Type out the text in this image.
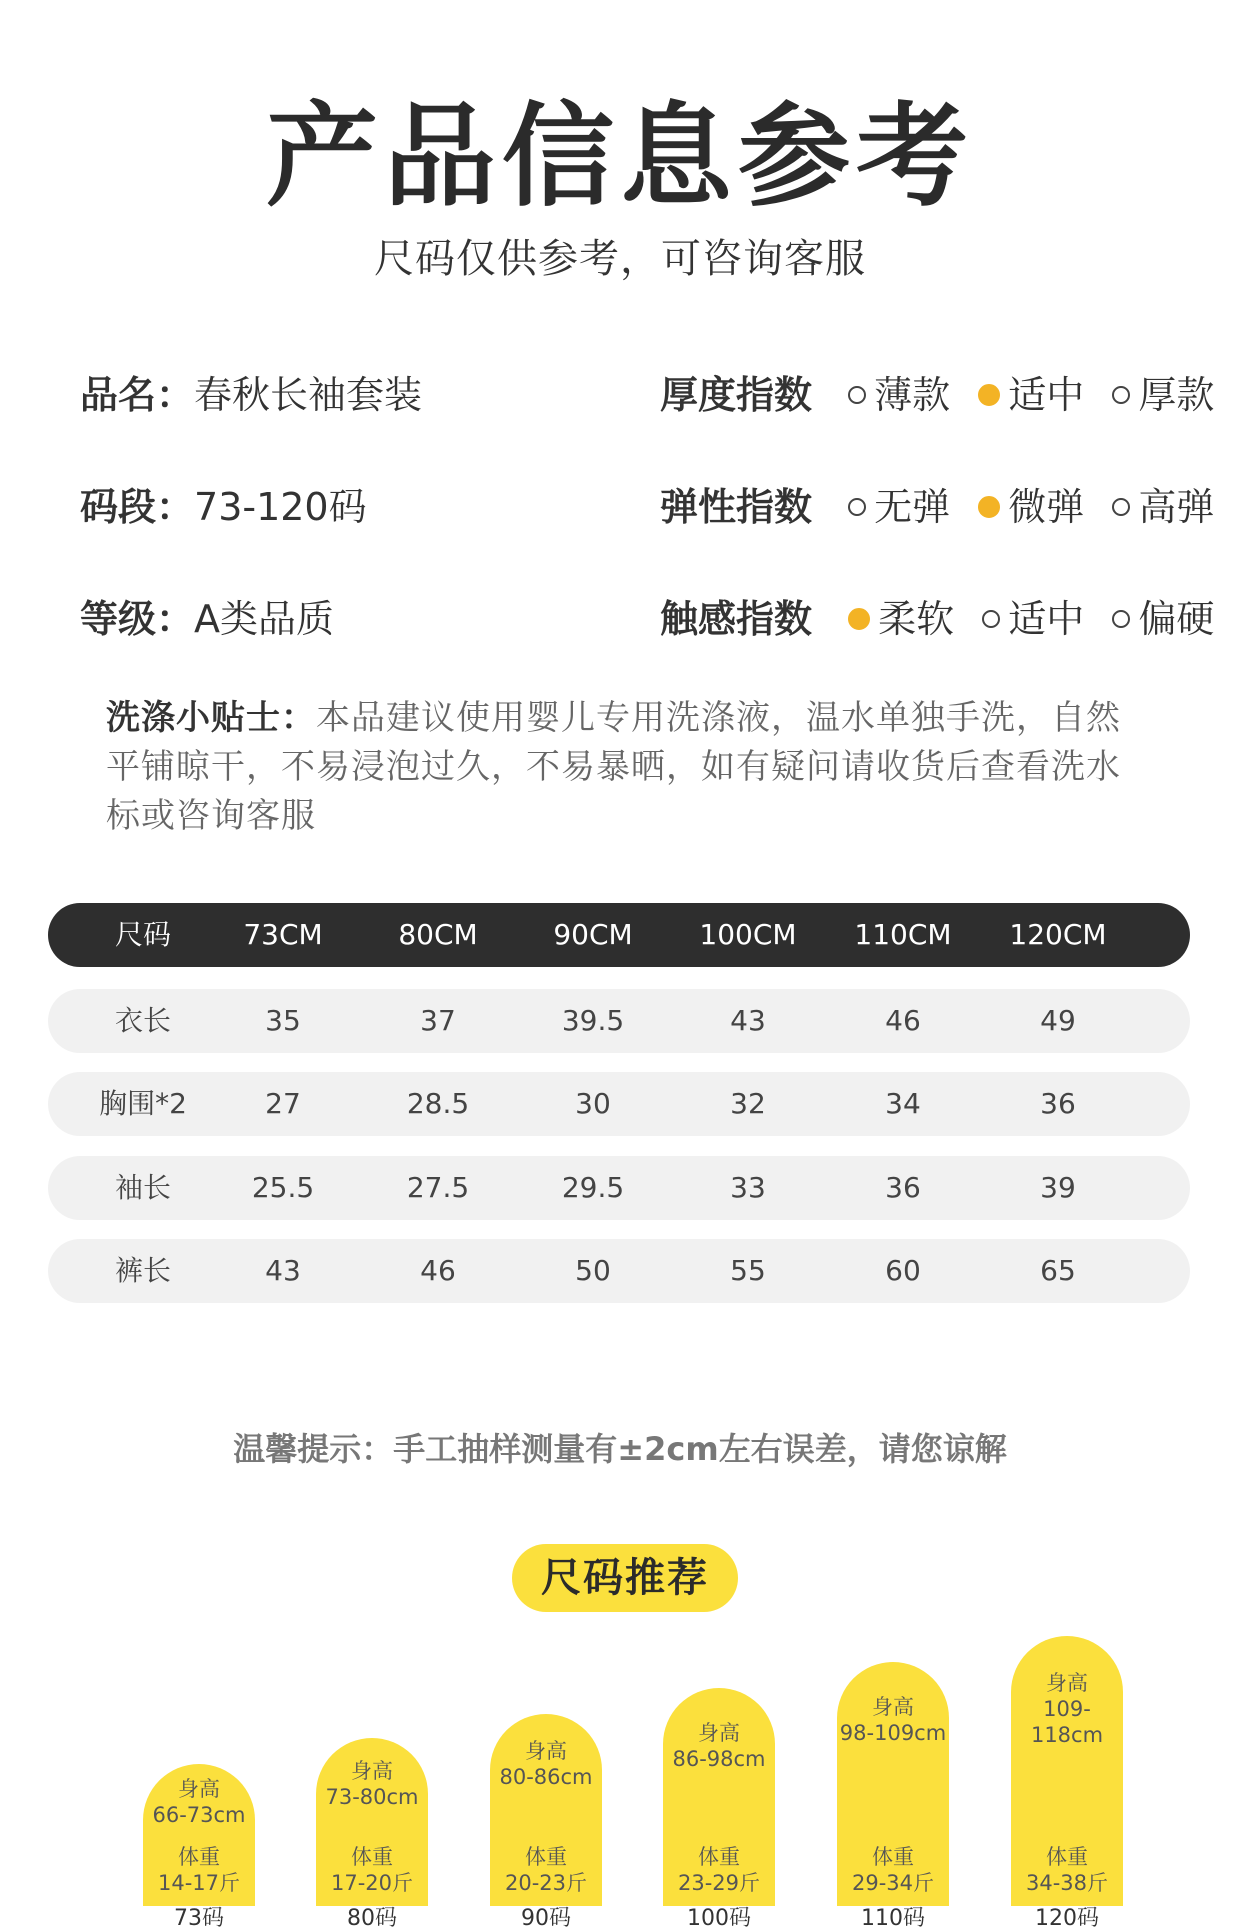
产品信息参考
尺码仅供参考，可咨询客服
品名：春秋长袖套装
码段：73-120码
等级：A类品质
厚度指数 薄款 适中 厚款
弹性指数 无弹 微弹 高弹
触感指数 柔软 适中 偏硬
洗涤小贴士：本品建议使用婴儿专用洗涤液，温水单独手洗，自然
平铺晾干，不易浸泡过久，不易暴晒，如有疑问请收货后查看洗水
标或咨询客服
尺码	73CM	80CM	90CM	100CM	110CM	120CM
衣长	35	37	39.5	43	46	49
胸围*2	27	28.5	30	32	34	36
袖长	25.5	27.5	29.5	33	36	39
裤长	43	46	50	55	60	65
温馨提示：手工抽样测量有±2cm左右误差，请您谅解
尺码推荐
身高
66-73cm
体重
14-17斤
身高
73-80cm
体重
17-20斤
身高
80-86cm
体重
20-23斤
身高
86-98cm
体重
23-29斤
身高
98-109cm
体重
29-34斤
身高
109-118cm
体重
34-38斤
73码	80码	90码	100码	110码	120码
